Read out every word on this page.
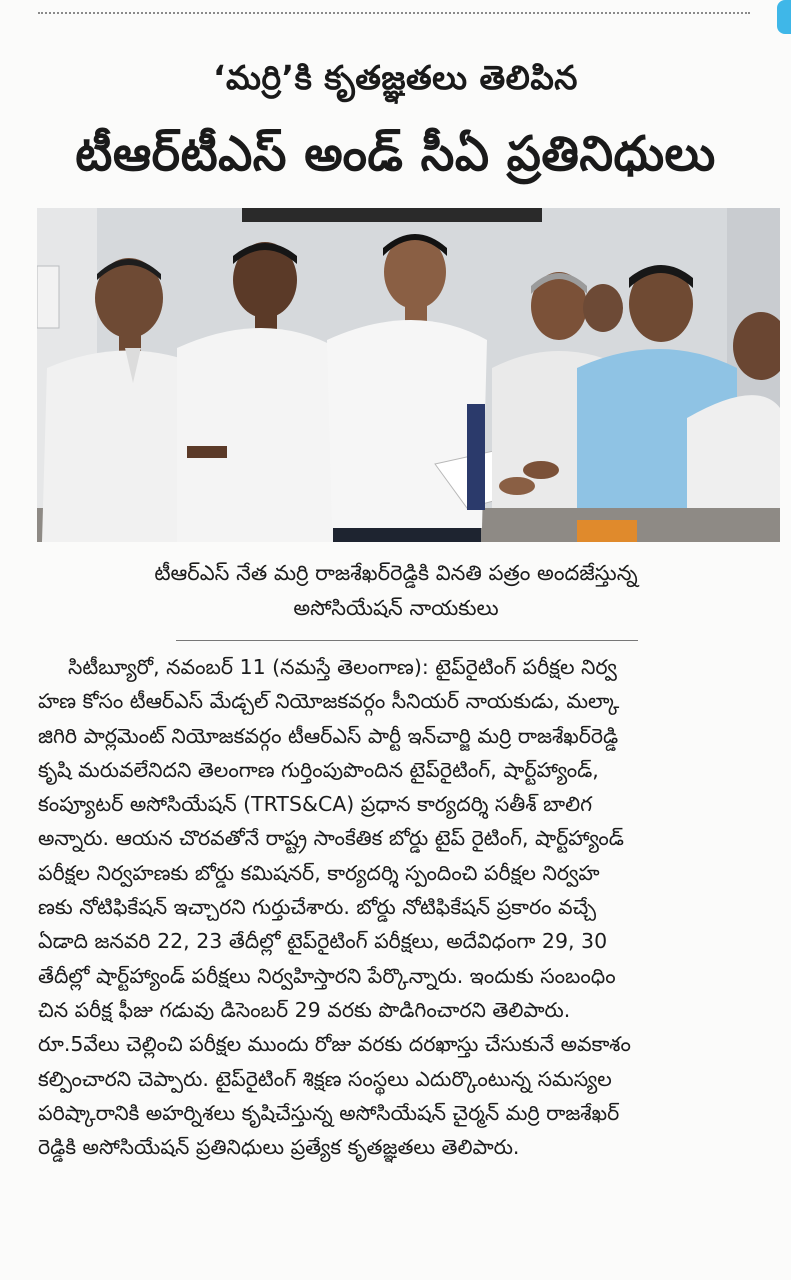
‘మర్రి’కి కృతజ్ఞతలు తెలిపిన
టీఆర్‌టీఎస్ అండ్ సీఏ ప్రతినిధులు
టీఆర్ఎస్ నేత మర్రి రాజశేఖర్‌రెడ్డికి వినతి పత్రం అందజేస్తున్న
అసోసియేషన్ నాయకులు
సిటీబ్యూరో, నవంబర్ 11 (నమస్తే తెలంగాణ): టైప్‌రైటింగ్ పరీక్షల నిర్వ
హణ కోసం టీఆర్ఎస్ మేడ్చల్ నియోజకవర్గం సీనియర్ నాయకుడు, మల్కా
జిగిరి పార్లమెంట్ నియోజకవర్గం టీఆర్ఎస్ పార్టీ ఇన్‌చార్జి మర్రి రాజశేఖర్‌రెడ్డి
కృషి మరువలేనిదని తెలంగాణ గుర్తింపుపొందిన టైప్‌రైటింగ్, షార్ట్‌హ్యాండ్,
కంప్యూటర్ అసోసియేషన్ (TRTS&CA) ప్రధాన కార్యదర్శి సతీశ్ బాలిగ
అన్నారు. ఆయన చొరవతోనే రాష్ట్ర సాంకేతిక బోర్డు టైప్ రైటింగ్, షార్ట్‌హ్యాండ్
పరీక్షల నిర్వహణకు బోర్డు కమిషనర్, కార్యదర్శి స్పందించి పరీక్షల నిర్వహ
ణకు నోటిఫికేషన్ ఇచ్చారని గుర్తుచేశారు. బోర్డు నోటిఫికేషన్ ప్రకారం వచ్చే
ఏడాది జనవరి 22, 23 తేదీల్లో టైప్‌రైటింగ్ పరీక్షలు, అదేవిధంగా 29, 30
తేదీల్లో షార్ట్‌హ్యాండ్ పరీక్షలు నిర్వహిస్తారని పేర్కొన్నారు. ఇందుకు సంబంధిం
చిన పరీక్ష ఫీజు గడువు డిసెంబర్ 29 వరకు పొడిగించారని తెలిపారు.
రూ.5వేలు చెల్లించి పరీక్షల ముందు రోజు వరకు దరఖాస్తు చేసుకునే అవకాశం
కల్పించారని చెప్పారు. టైప్‌రైటింగ్ శిక్షణ సంస్థలు ఎదుర్కొంటున్న సమస్యల
పరిష్కారానికి అహర్నిశలు కృషిచేస్తున్న అసోసియేషన్ చైర్మన్ మర్రి రాజశేఖర్
రెడ్డికి అసోసియేషన్ ప్రతినిధులు ప్రత్యేక కృతజ్ఞతలు తెలిపారు.
